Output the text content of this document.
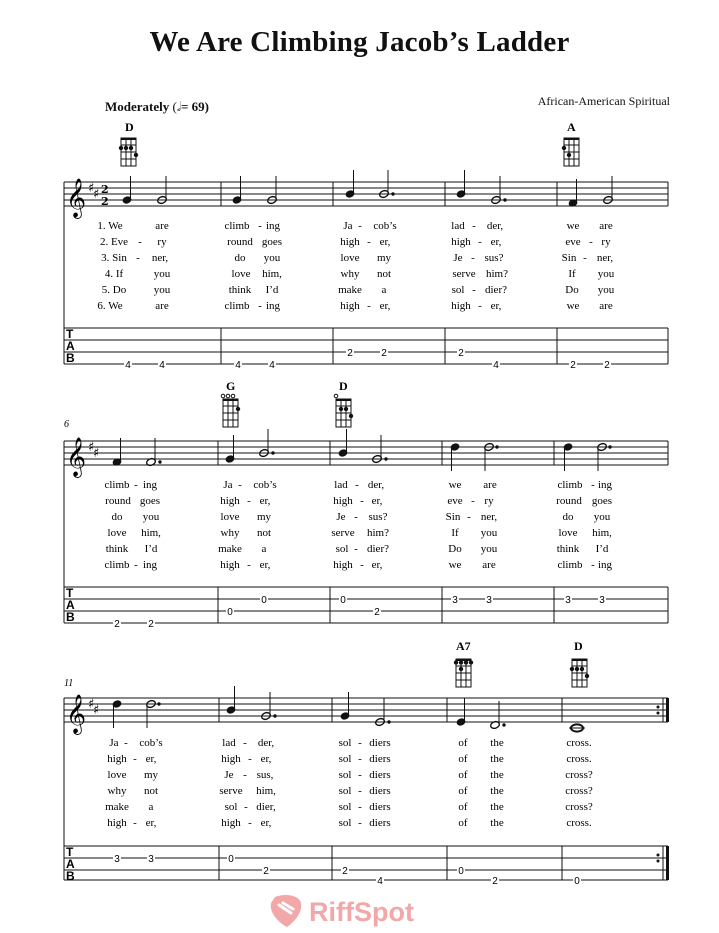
We Are Climbing Jacob’s Ladder
Moderately (𝅗𝅥= 69)	African-American Spiritual
D	A
𝄞 ♯
♯ 2
2
1. We	are	climb - ing	Ja - cob’s	lad - der,	we are
2. Eve - ry	round goes	high - er,	high - er,	eve - ry
3. Sin - ner,	do you	love my	Je - sus?	Sin - ner,
4. If	you	love him,	why not	serve him?	If you
5. Do	you	think I’d	make a	sol - dier?	Do you
6. We	are	climb - ing	high - er,	high - er,	we are
T
A
B
4	4	4	4
2	2	2
4	2	2
6
G	D
𝄞 ♯
♯
climb - ing	Ja - cob’s	lad - der,	we are	climb - ing
round goes	high - er,	high - er,	eve - ry	round goes
do you	love my	Je - sus?	Sin - ner,	do you
love him,	why not	serve him?	If you	love him,
think I’d	make a	sol - dier?	Do you	think I’d
climb - ing	high - er,	high - er,	we are	climb - ing
T
A
B
2	2
0
0	0
2
3	3	3	3
11
A7	D
𝄞 ♯
♯
Ja - cob’s	lad - der,	sol - diers	of the	cross.
high - er,	high - er,	sol - diers	of the	cross.
love my	Je - sus,	sol - diers	of the	cross?
why not	serve him,	sol - diers	of the	cross?
make a	sol - dier,	sol - diers	of the	cross?
high - er,	high - er,	sol - diers	of the	cross.
T
A
B
3	3	0
2	2
4
0
2	0
RiffSpot
